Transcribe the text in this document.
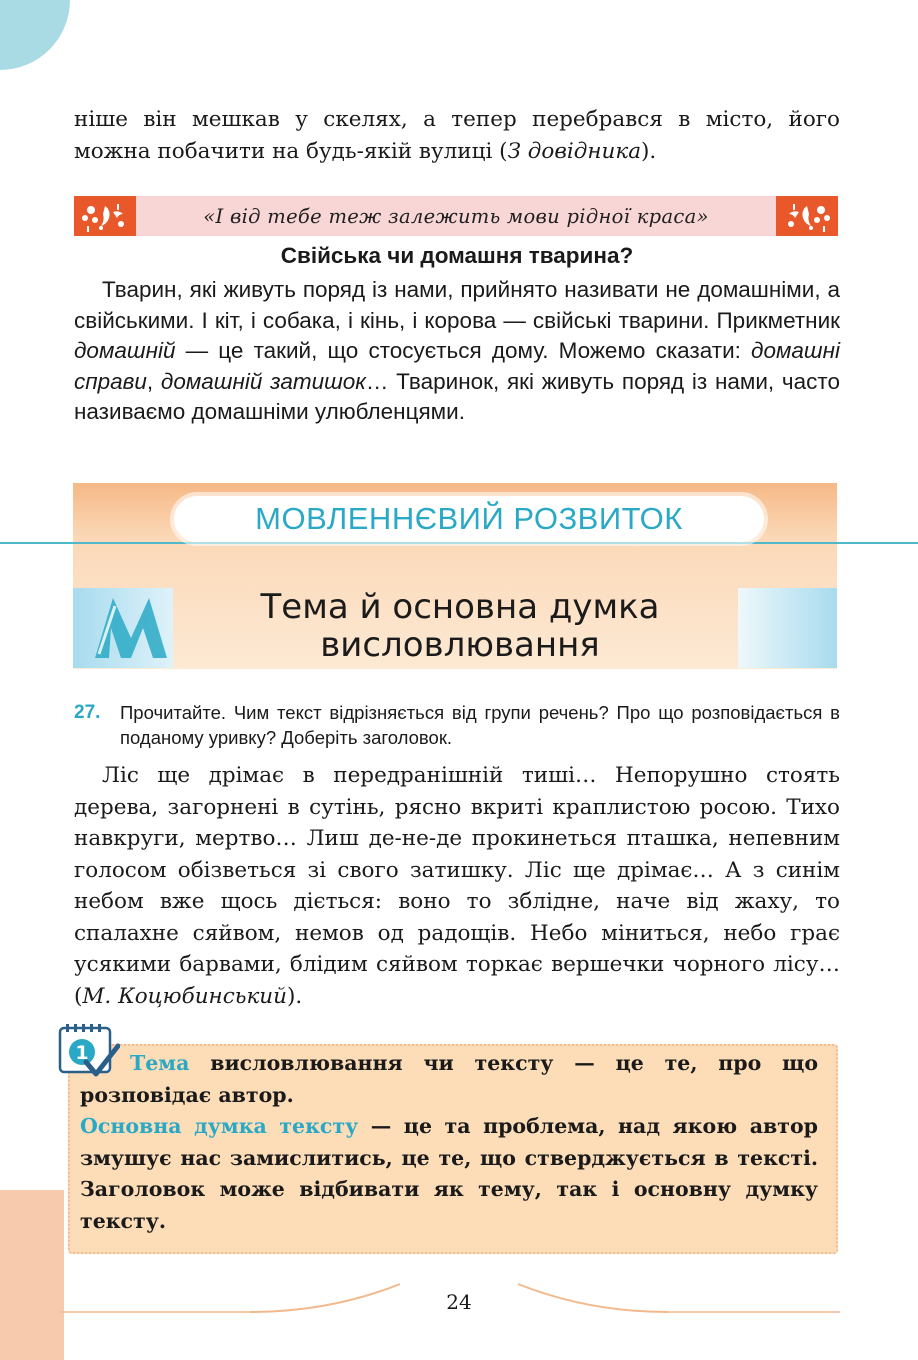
ніше він мешкав у скелях, а тепер перебрався в місто, його

можна побачити на будь-якій вулиці (З довідника).

«І від тебе теж залежить мови рідної краса»
Свійська чи домашня тварина?

Тварин, які живуть поряд із нами, прийнято називати не домашніми, а свійськими. І кіт, і собака, і кінь, і корова — свійські тварини. Прикметник домашній — це такий, що стосується дому. Можемо сказати: домашні справи, домашній затишок… Тваринок, які живуть поряд із нами, часто називаємо домашніми улюбленцями.

МОВЛЕННЄВИЙ РОЗВИТОК
Тема й основна думка
висловлювання
27. Прочитайте. Чим текст відрізняється від групи речень? Про що розповідається в поданому уривку? Доберіть заголовок.

Ліс ще дрімає в передранішній тиші… Непорушно стоять дерева, загорнені в сутінь, рясно вкриті краплистою росою. Тихо навкруги, мертво… Лиш де-не-де прокинеться пташка, непевним голосом обізветься зі свого затишку. Ліс ще дрімає… А з синім небом вже щось діється: воно то зблідне, наче від жаху, то спалахне сяйвом, немов од радощів. Небо міниться, небо грає усякими барвами, блідим сяйвом торкає вершечки чорного лісу… (М. Коцюбинський).

1	Тема висловлювання чи тексту — це те, про що розповідає автор.

Основна думка тексту — це та проблема, над якою автор змушує нас замислитись, це те, що стверджується в тексті. Заголовок може відбивати як тему, так і основну думку тексту.

24
